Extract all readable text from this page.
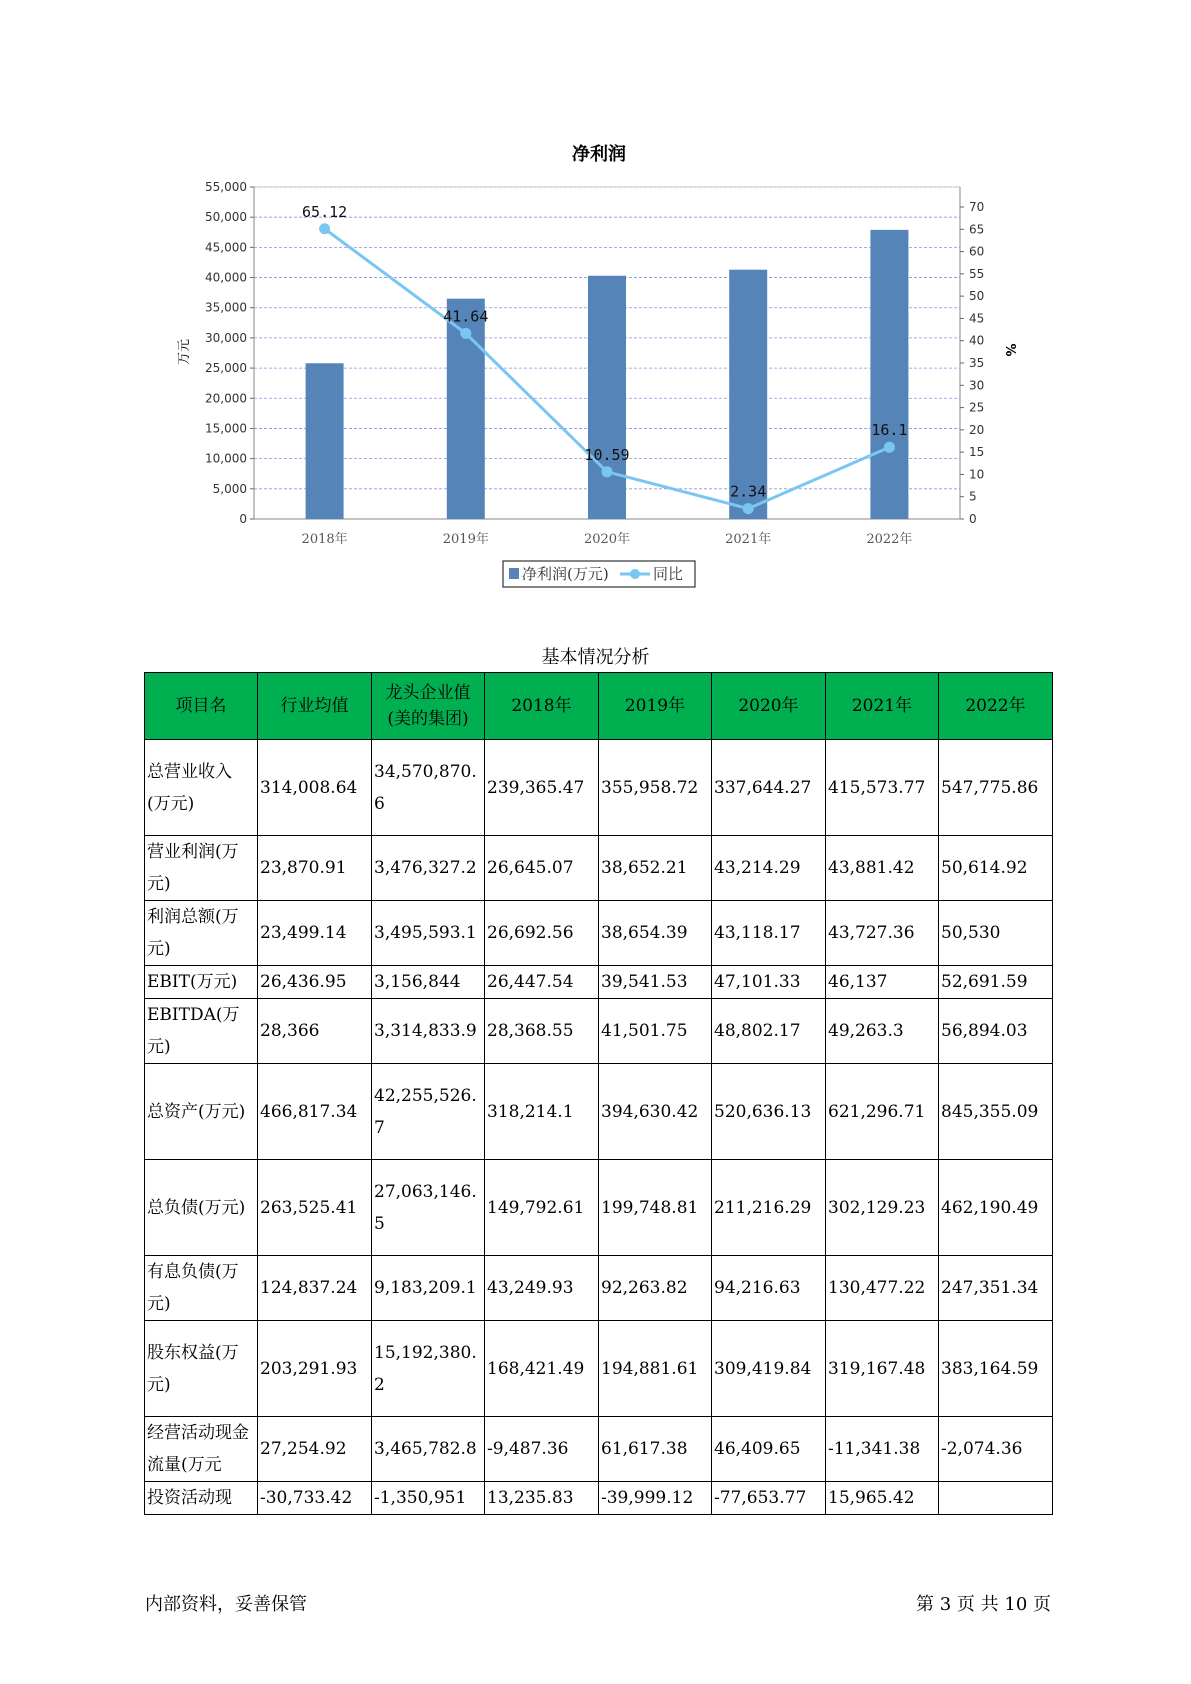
净利润
0
5,000
10,000
15,000
20,000
25,000
30,000
35,000
40,000
45,000
50,000
55,000
0
5
10
15
20
25
30
35
40
45
50
55
60
65
70
2018年	2019年	2020年	2021年	2022年
65.12
41.64
10.59
2.34
16.1
万元	%
净利润(万元)	同比
基本情况分析
项目名	行业均值	龙头企业值(美的集团)	2018年	2019年	2020年	2021年	2022年
总营业收入(万元)	314,008.64	34,570,870.6	239,365.47	355,958.72	337,644.27	415,573.77	547,775.86
营业利润(万元)	23,870.91	3,476,327.2	26,645.07	38,652.21	43,214.29	43,881.42	50,614.92
利润总额(万元)	23,499.14	3,495,593.1	26,692.56	38,654.39	43,118.17	43,727.36	50,530
EBIT(万元)	26,436.95	3,156,844	26,447.54	39,541.53	47,101.33	46,137	52,691.59
EBITDA(万元)	28,366	3,314,833.9	28,368.55	41,501.75	48,802.17	49,263.3	56,894.03
总资产(万元)	466,817.34	42,255,526.7	318,214.1	394,630.42	520,636.13	621,296.71	845,355.09
总负债(万元)	263,525.41	27,063,146.5	149,792.61	199,748.81	211,216.29	302,129.23	462,190.49
有息负债(万元)	124,837.24	9,183,209.1	43,249.93	92,263.82	94,216.63	130,477.22	247,351.34
股东权益(万元)	203,291.93	15,192,380.2	168,421.49	194,881.61	309,419.84	319,167.48	383,164.59
经营活动现金流量(万元	27,254.92	3,465,782.8	-9,487.36	61,617.38	46,409.65	-11,341.38	-2,074.36
投资活动现	-30,733.42	-1,350,951	13,235.83	-39,999.12	-77,653.77	15,965.42	
内部资料，妥善保管	第 3 页 共 10 页
